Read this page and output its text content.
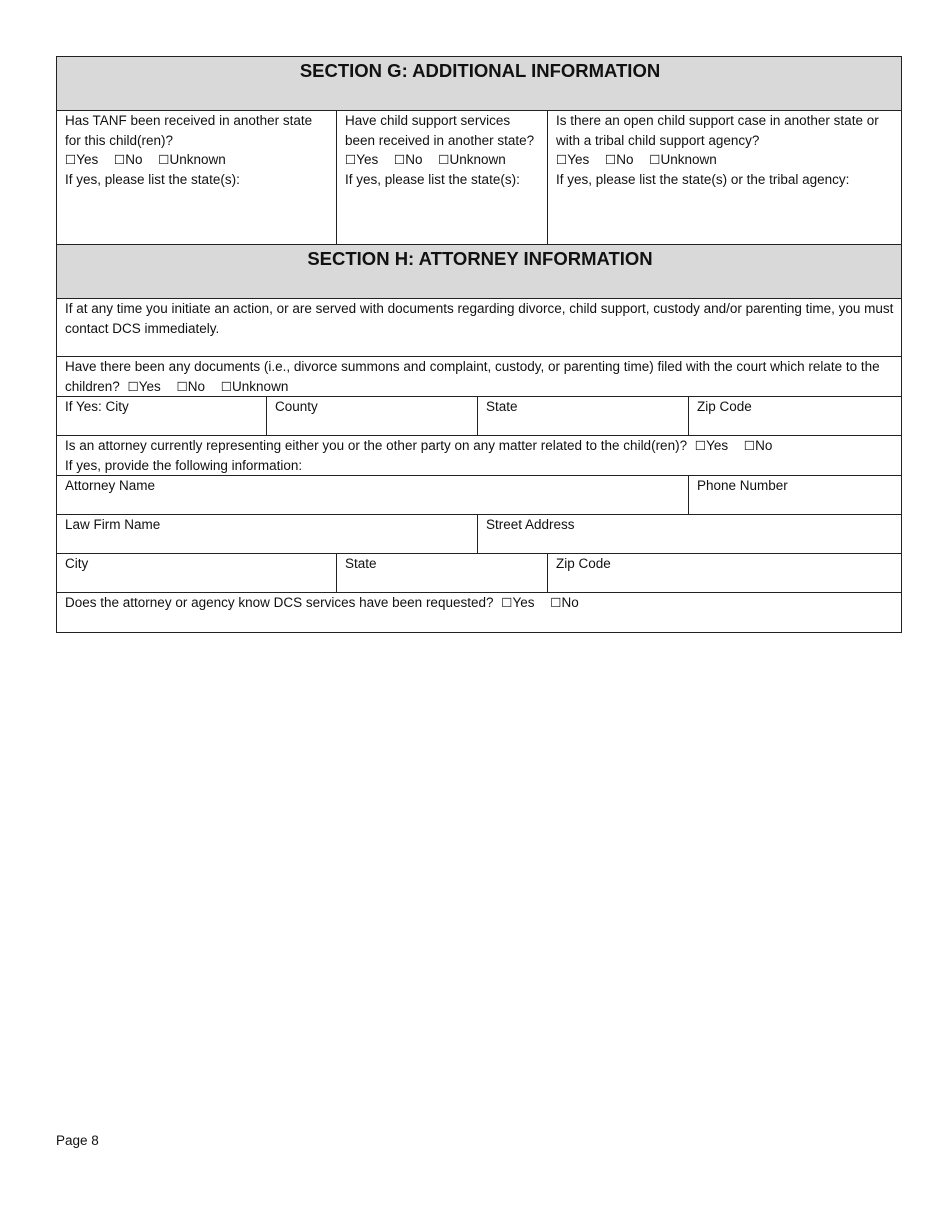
SECTION G: ADDITIONAL INFORMATION					

Has TANF been received in another state for this child(ren)?
☐Yes ☐No ☐Unknown
If yes, please list the state(s):		Have child support services been received in another state?
☐Yes ☐No ☐Unknown
If yes, please list the state(s):		Is there an open child support case in another state or with a tribal child support agency?
☐Yes ☐No ☐Unknown
If yes, please list the state(s) or the tribal agency:	

SECTION H: ATTORNEY INFORMATION					
If at any time you initiate an action, or are served with documents regarding divorce, child support, custody and/or parenting time, you must contact DCS immediately.					
Have there been any documents (i.e., divorce summons and complaint, custody, or parenting time) filed with the court which relate to the children? ☐Yes ☐No ☐Unknown					
If Yes: City	County		State		Zip Code
Is an attorney currently representing either you or the other party on any matter related to the child(ren)? ☐Yes ☐No
If yes, provide the following information:					

Attorney Name					Phone Number
Law Firm Name			Street Address		
City		State		Zip Code	
Does the attorney or agency know DCS services have been requested? ☐Yes ☐No					
Page 8
